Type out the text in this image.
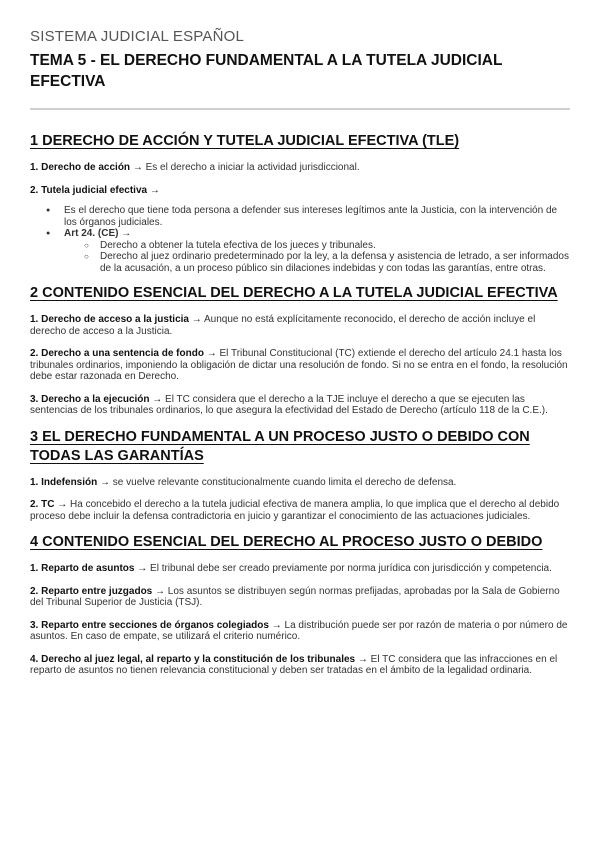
SISTEMA JUDICIAL ESPAÑOL
TEMA 5 - EL DERECHO FUNDAMENTAL A LA TUTELA JUDICIAL EFECTIVA
1 DERECHO DE ACCIÓN Y TUTELA JUDICIAL EFECTIVA (TLE)

1. Derecho de acción → Es el derecho a iniciar la actividad jurisdiccional.

2. Tutela judicial efectiva →

● Es el derecho que tiene toda persona a defender sus intereses legítimos ante la Justicia, con la intervención de los órganos judiciales.
● Art 24. (CE) →
○ Derecho a obtener la tutela efectiva de los jueces y tribunales.
○ Derecho al juez ordinario predeterminado por la ley, a la defensa y asistencia de letrado, a ser informados de la acusación, a un proceso público sin dilaciones indebidas y con todas las garantías, entre otras.
2 CONTENIDO ESENCIAL DEL DERECHO A LA TUTELA JUDICIAL EFECTIVA

1. Derecho de acceso a la justicia → Aunque no está explícitamente reconocido, el derecho de acción incluye el derecho de acceso a la Justicia.

2. Derecho a una sentencia de fondo → El Tribunal Constitucional (TC) extiende el derecho del artículo 24.1 hasta los tribunales ordinarios, imponiendo la obligación de dictar una resolución de fondo. Si no se entra en el fondo, la resolución debe estar razonada en Derecho.

3. Derecho a la ejecución → El TC considera que el derecho a la TJE incluye el derecho a que se ejecuten las sentencias de los tribunales ordinarios, lo que asegura la efectividad del Estado de Derecho (artículo 118 de la C.E.).

3 EL DERECHO FUNDAMENTAL A UN PROCESO JUSTO O DEBIDO CON TODAS LAS GARANTÍAS

1. Indefensión → se vuelve relevante constitucionalmente cuando limita el derecho de defensa.

2. TC → Ha concebido el derecho a la tutela judicial efectiva de manera amplia, lo que implica que el derecho al debido proceso debe incluir la defensa contradictoria en juicio y garantizar el conocimiento de las actuaciones judiciales.

4 CONTENIDO ESENCIAL DEL DERECHO AL PROCESO JUSTO O DEBIDO

1. Reparto de asuntos → El tribunal debe ser creado previamente por norma jurídica con jurisdicción y competencia.

2. Reparto entre juzgados → Los asuntos se distribuyen según normas prefijadas, aprobadas por la Sala de Gobierno del Tribunal Superior de Justicia (TSJ).

3. Reparto entre secciones de órganos colegiados → La distribución puede ser por razón de materia o por número de asuntos. En caso de empate, se utilizará el criterio numérico.

4. Derecho al juez legal, al reparto y la constitución de los tribunales → El TC considera que las infracciones en el reparto de asuntos no tienen relevancia constitucional y deben ser tratadas en el ámbito de la legalidad ordinaria.
